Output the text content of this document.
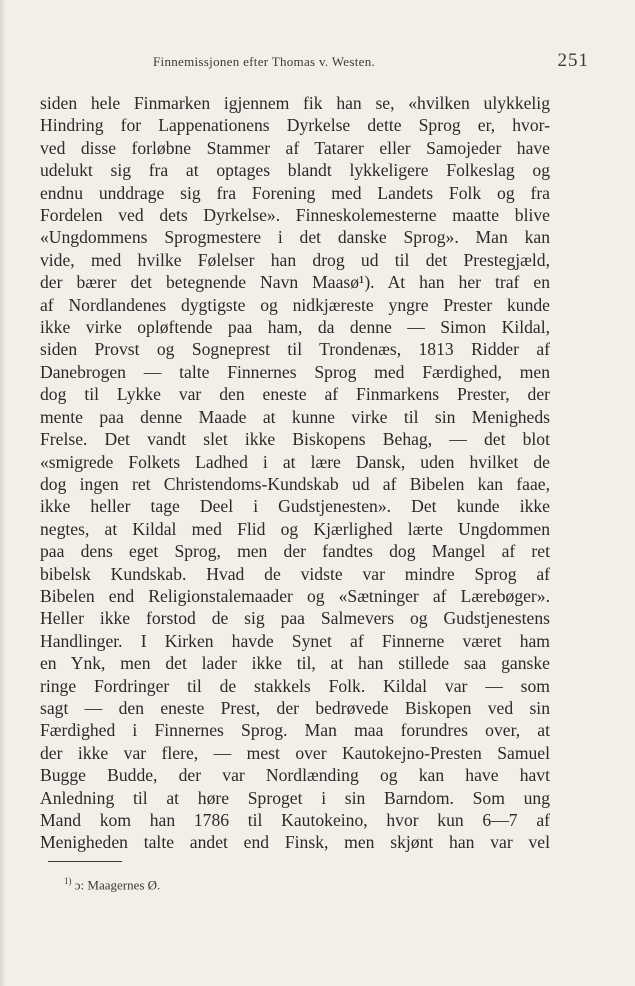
Finnemissjonen efter Thomas v. Westen.	251
siden hele Finmarken igjennem fik han se, «hvilken ulykkelig
Hindring for Lappenationens Dyrkelse dette Sprog er, hvor-
ved disse forløbne Stammer af Tatarer eller Samojeder have
udelukt sig fra at optages blandt lykkeligere Folkeslag og
endnu unddrage sig fra Forening med Landets Folk og fra
Fordelen ved dets Dyrkelse». Finneskolemesterne maatte blive
«Ungdommens Sprogmestere i det danske Sprog». Man kan
vide, med hvilke Følelser han drog ud til det Prestegjæld,
der bærer det betegnende Navn Maasø¹). At han her traf en
af Nordlandenes dygtigste og nidkjæreste yngre Prester kunde
ikke virke opløftende paa ham, da denne — Simon Kildal,
siden Provst og Sogneprest til Trondenæs, 1813 Ridder af
Danebrogen — talte Finnernes Sprog med Færdighed, men
dog til Lykke var den eneste af Finmarkens Prester, der
mente paa denne Maade at kunne virke til sin Menigheds
Frelse. Det vandt slet ikke Biskopens Behag, — det blot
«smigrede Folkets Ladhed i at lære Dansk, uden hvilket de
dog ingen ret Christendoms-Kundskab ud af Bibelen kan faae,
ikke heller tage Deel i Gudstjenesten». Det kunde ikke
negtes, at Kildal med Flid og Kjærlighed lærte Ungdommen
paa dens eget Sprog, men der fandtes dog Mangel af ret
bibelsk Kundskab. Hvad de vidste var mindre Sprog af
Bibelen end Religionstalemaader og «Sætninger af Lærebøger».
Heller ikke forstod de sig paa Salmevers og Gudstjenestens
Handlinger. I Kirken havde Synet af Finnerne været ham
en Ynk, men det lader ikke til, at han stillede saa ganske
ringe Fordringer til de stakkels Folk. Kildal var — som
sagt — den eneste Prest, der bedrøvede Biskopen ved sin
Færdighed i Finnernes Sprog. Man maa forundres over, at
der ikke var flere, — mest over Kautokejno-Presten Samuel
Bugge Budde, der var Nordlænding og kan have havt
Anledning til at høre Sproget i sin Barndom. Som ung
Mand kom han 1786 til Kautokeino, hvor kun 6—7 af
Menigheden talte andet end Finsk, men skjønt han var vel
$^{1)}$ ɔ: Maagernes Ø.
